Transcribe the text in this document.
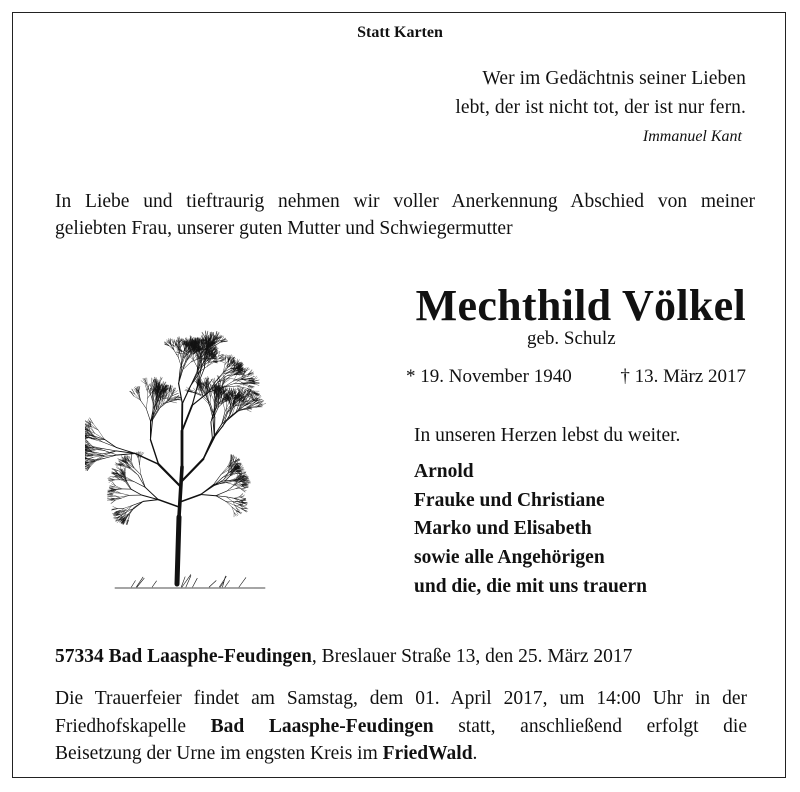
Statt Karten
Wer im Gedächtnis seiner Lieben
lebt, der ist nicht tot, der ist nur fern.
Immanuel Kant
In Liebe und tieftraurig nehmen wir voller Anerkennung Abschied von meiner
geliebten Frau, unserer guten Mutter und Schwiegermutter
Mechthild Völkel
geb. Schulz
* 19. November 1940	† 13. März 2017
In unseren Herzen lebst du weiter.
Arnold
Frauke und Christiane
Marko und Elisabeth
sowie alle Angehörigen
und die, die mit uns trauern
57334 Bad Laasphe-Feudingen, Breslauer Straße 13, den 25. März 2017
Die Trauerfeier findet am Samstag, dem 01. April 2017, um 14:00 Uhr in der
Friedhofskapelle Bad Laasphe-Feudingen statt, anschließend erfolgt die
Beisetzung der Urne im engsten Kreis im FriedWald.
